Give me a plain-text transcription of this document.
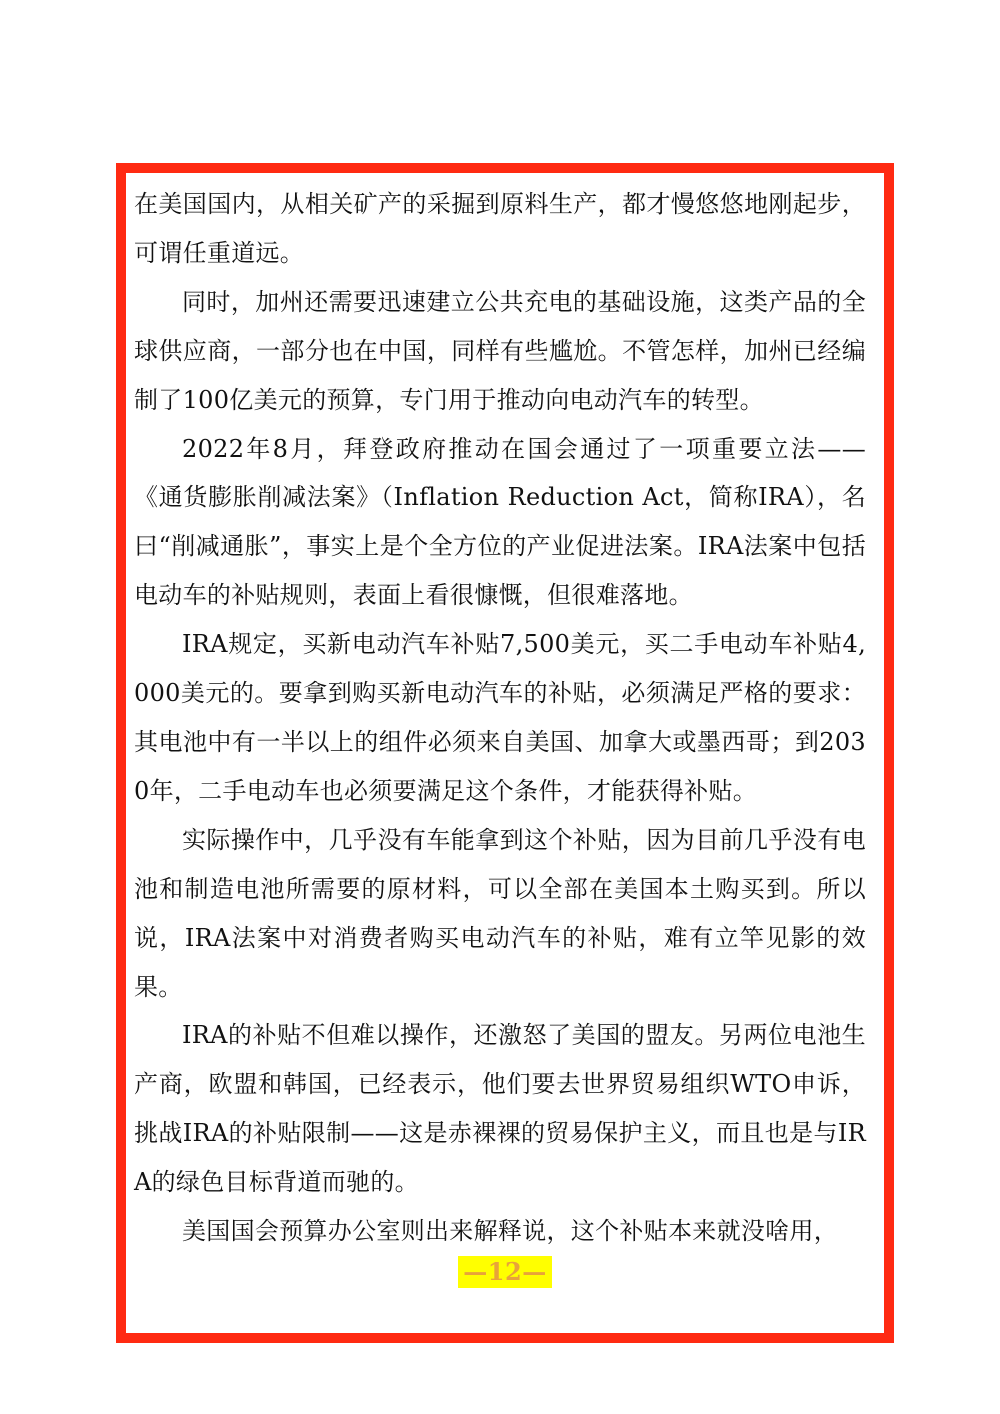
在美国国内，从相关矿产的采掘到原料生产，都才慢悠悠地刚起步，可谓任重道远。

同时，加州还需要迅速建立公共充电的基础设施，这类产品的全球供应商，一部分也在中国，同样有些尴尬。不管怎样，加州已经编制了100亿美元的预算，专门用于推动向电动汽车的转型。

2022年8月，拜登政府推动在国会通过了一项重要立法——《通货膨胀削减法案》（Inflation Reduction Act，简称IRA），名曰“削减通胀”，事实上是个全方位的产业促进法案。IRA法案中包括电动车的补贴规则，表面上看很慷慨，但很难落地。

IRA规定，买新电动汽车补贴7,500美元，买二手电动车补贴4,000美元的。要拿到购买新电动汽车的补贴，必须满足严格的要求：其电池中有一半以上的组件必须来自美国、加拿大或墨西哥；到2030年，二手电动车也必须要满足这个条件，才能获得补贴。

实际操作中，几乎没有车能拿到这个补贴，因为目前几乎没有电池和制造电池所需要的原材料，可以全部在美国本土购买到。所以说，IRA法案中对消费者购买电动汽车的补贴，难有立竿见影的效果。

IRA的补贴不但难以操作，还激怒了美国的盟友。另两位电池生产商，欧盟和韩国，已经表示，他们要去世界贸易组织WTO申诉，挑战IRA的补贴限制——这是赤裸裸的贸易保护主义，而且也是与IRA的绿色目标背道而驰的。

美国国会预算办公室则出来解释说，这个补贴本来就没啥用，

—12—
